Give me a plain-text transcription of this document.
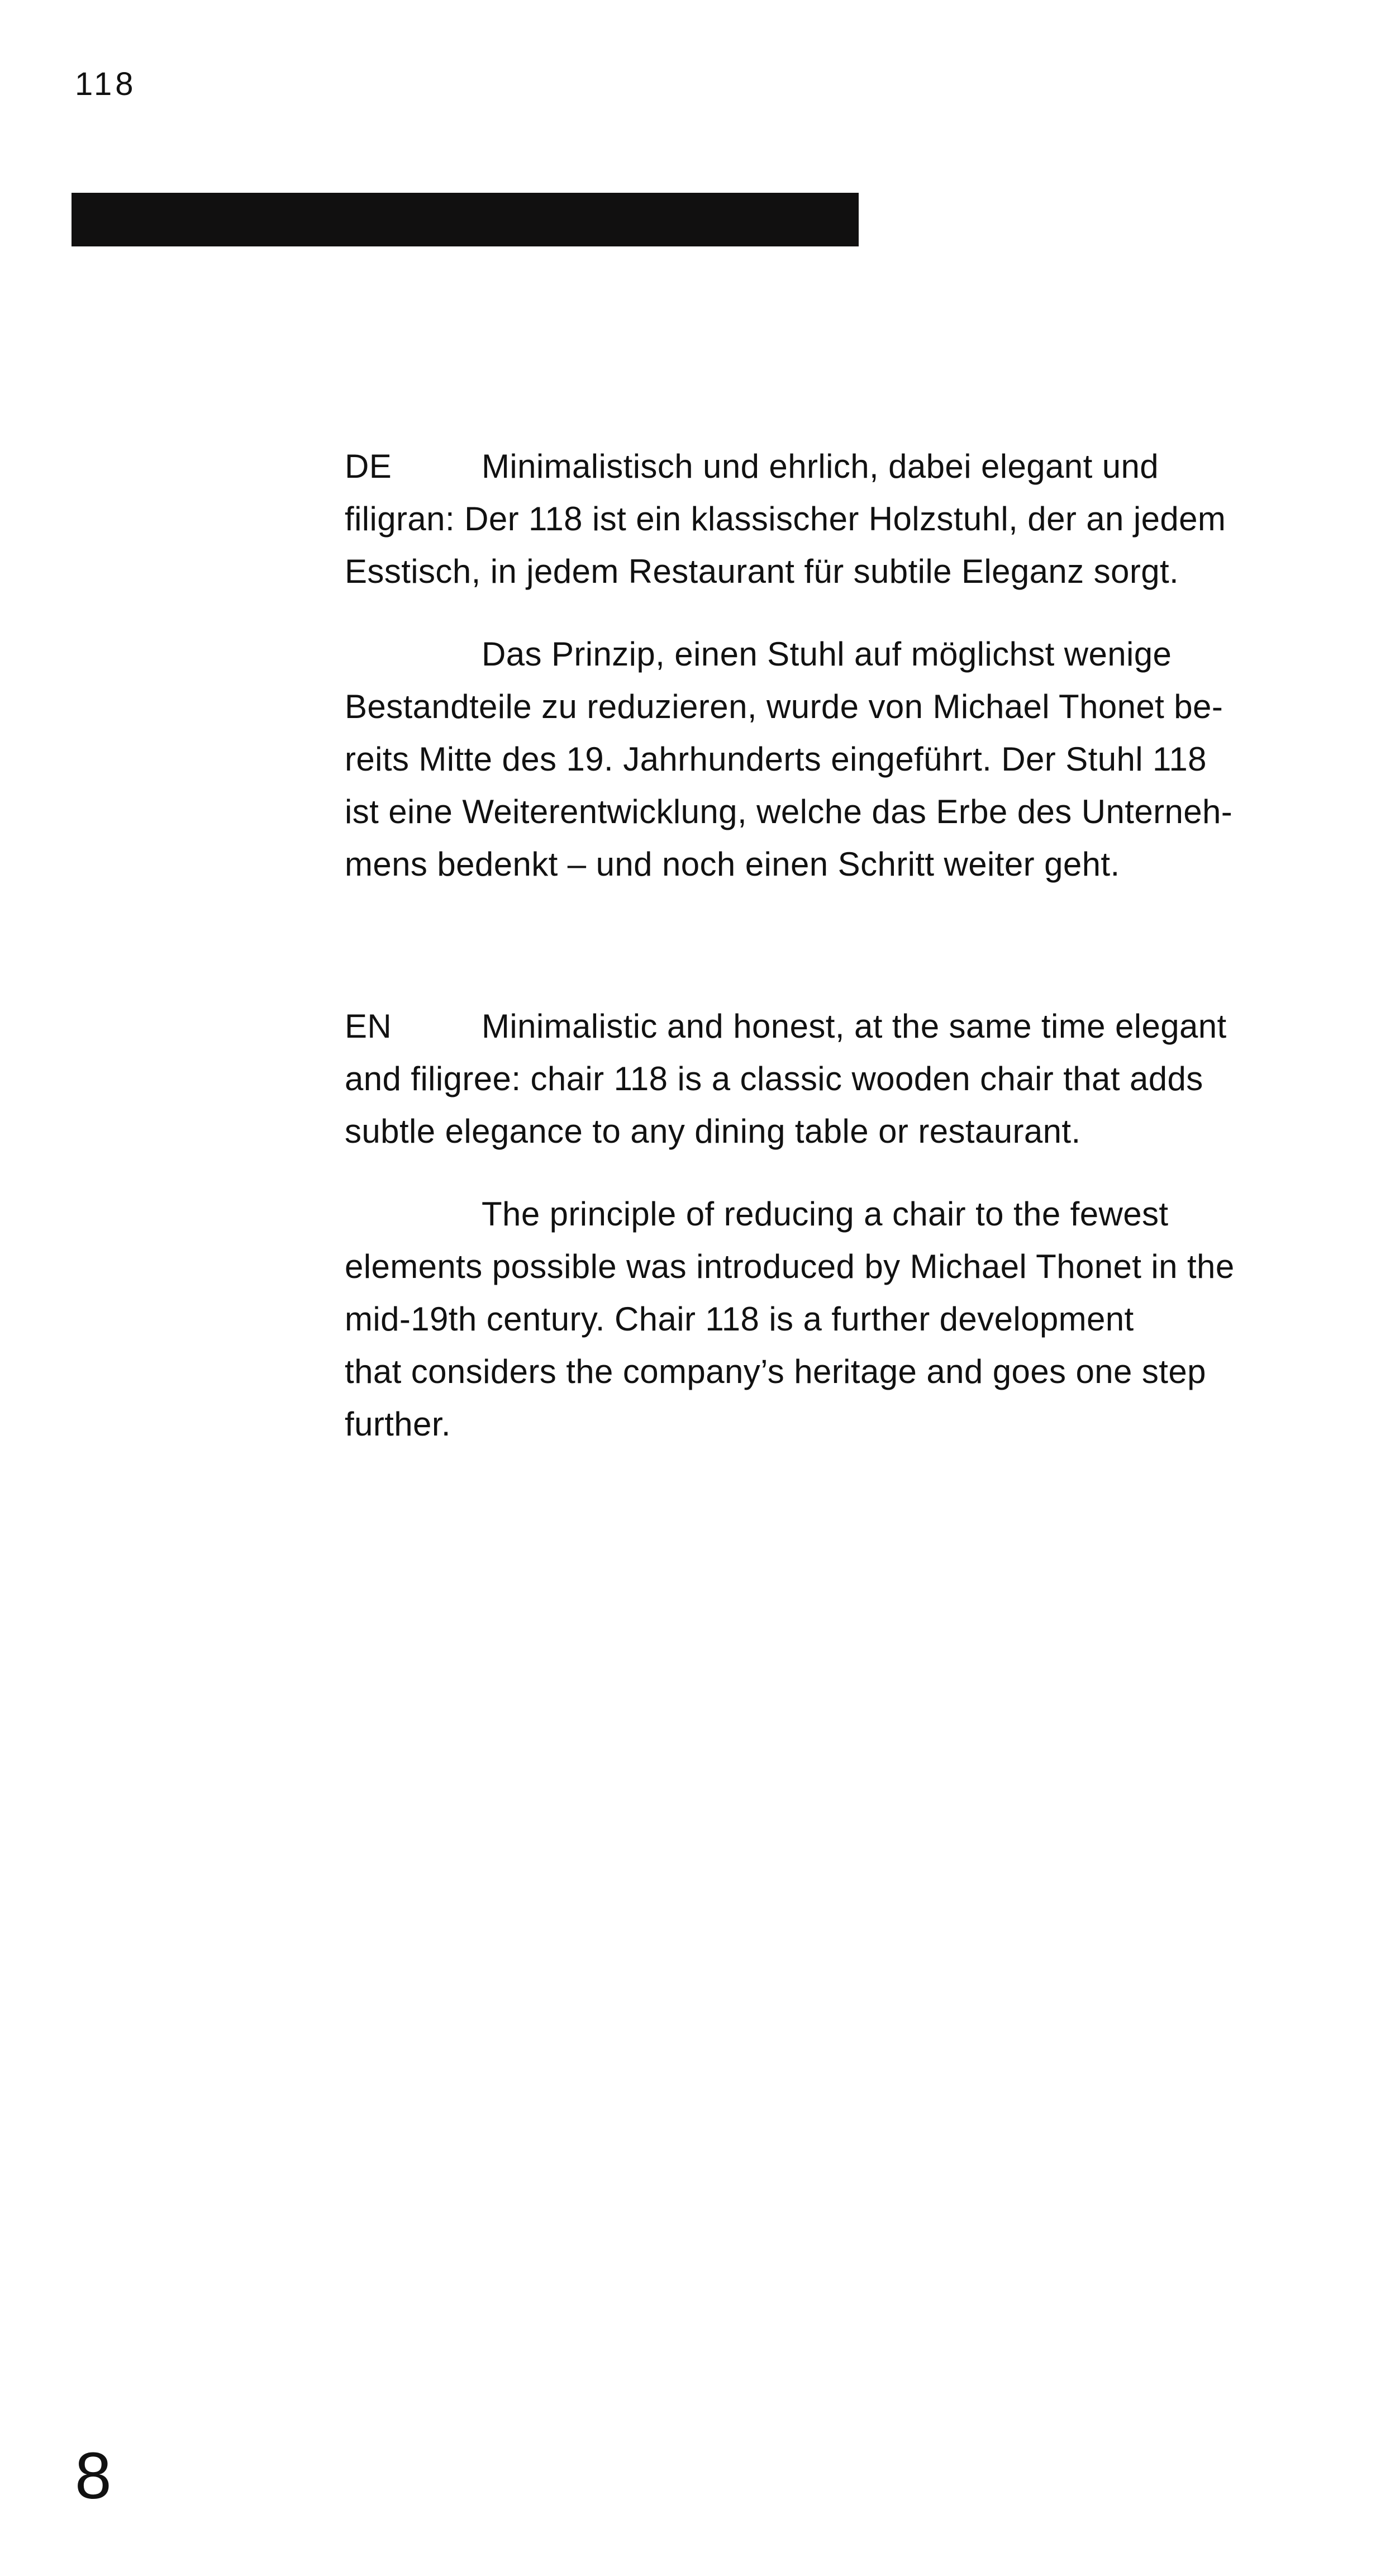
118

DE	Minimalistisch und ehrlich, dabei elegant und

filigran: Der 118 ist ein klassischer Holzstuhl, der an jedem

Esstisch, in jedem Restaurant für subtile Eleganz sorgt.

Das Prinzip, einen Stuhl auf möglichst wenige

Bestandteile zu reduzieren, wurde von Michael Thonet be-

reits Mitte des 19. Jahrhunderts eingeführt. Der Stuhl 118

ist eine Weiterentwicklung, welche das Erbe des Unterneh-

mens bedenkt – und noch einen Schritt weiter geht.

EN	Minimalistic and honest, at the same time elegant

and filigree: chair 118 is a classic wooden chair that adds

subtle elegance to any dining table or restaurant.

The principle of reducing a chair to the fewest

elements possible was introduced by Michael Thonet in the

mid-19th century. Chair 118 is a further development

that considers the company’s heritage and goes one step

further.

8
